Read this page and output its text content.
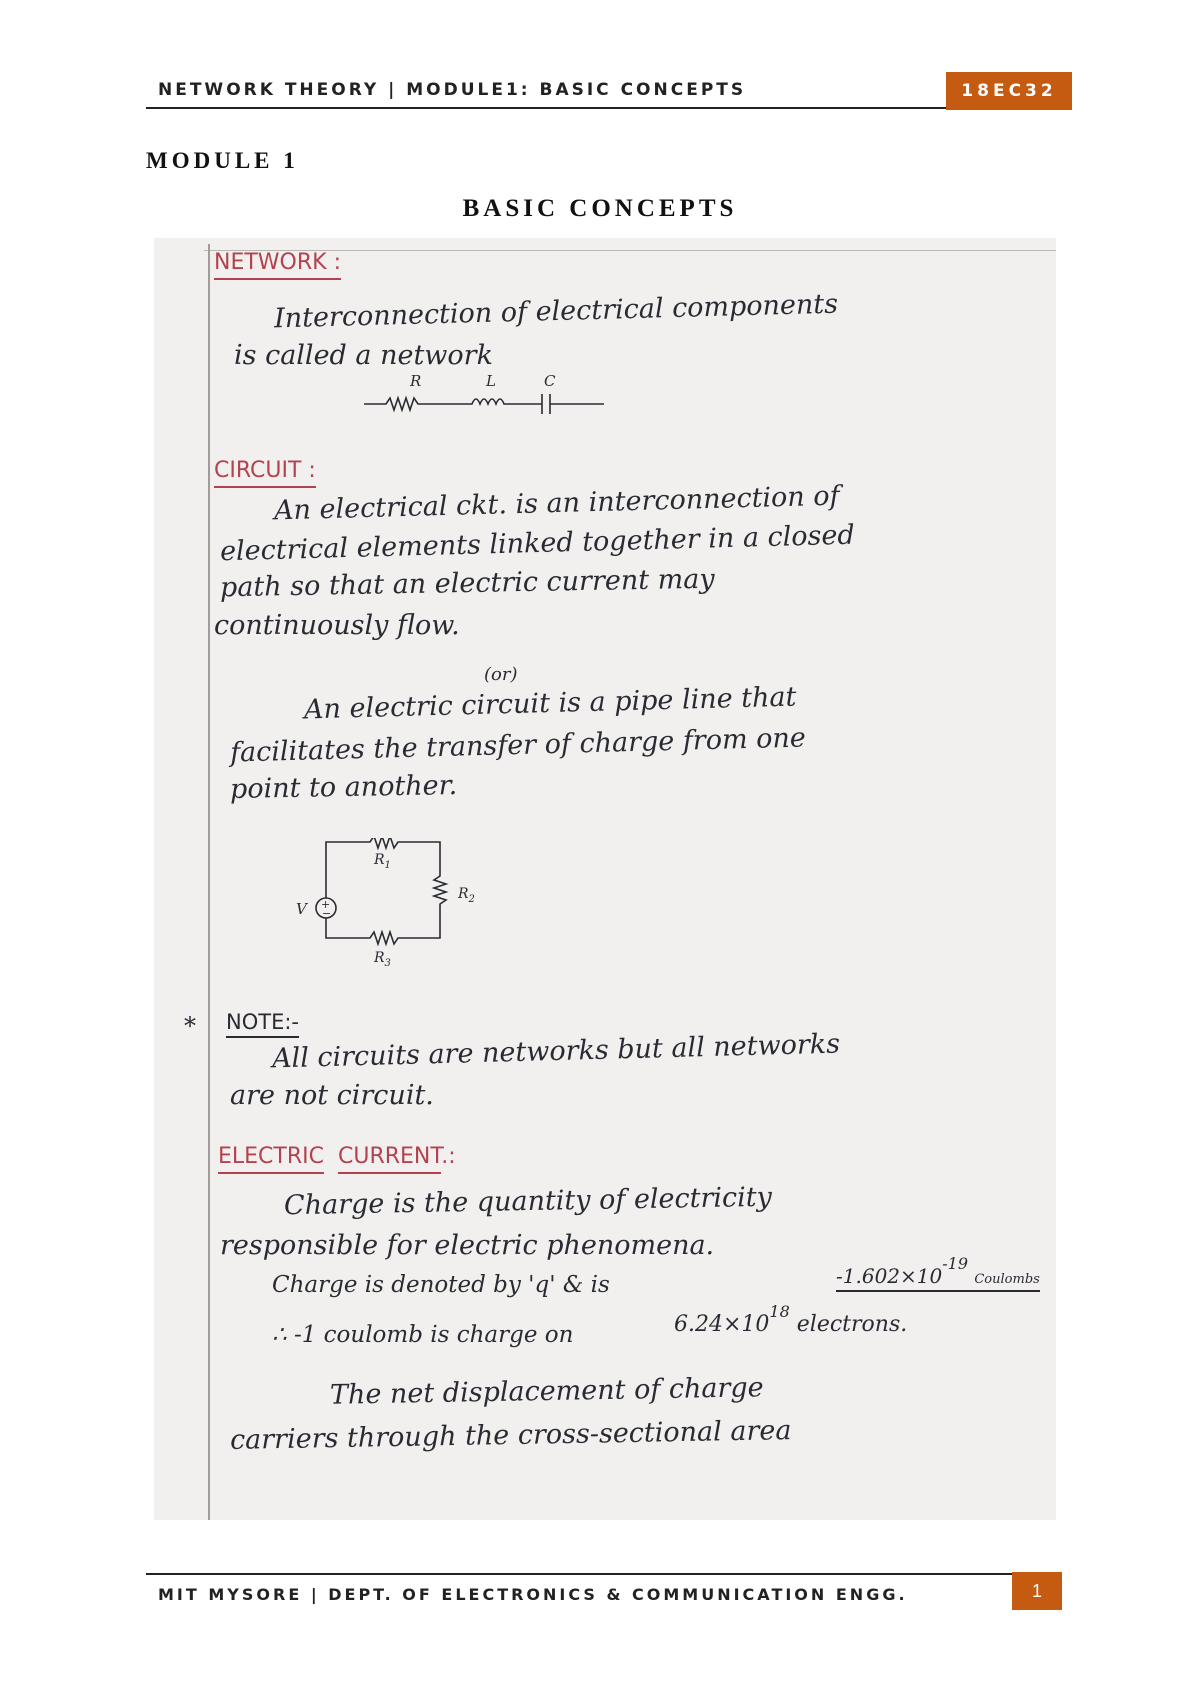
NETWORK THEORY | MODULE1: BASIC CONCEPTS	18EC32
MODULE 1
BASIC CONCEPTS
NETWORK :
Interconnection of electrical components
is called a network
R	L	C
CIRCUIT :
An electrical ckt. is an interconnection of
electrical elements linked together in a closed
path so that an electric current may
continuously flow.
(or)
An electric circuit is a pipe line that
facilitates the transfer of charge from one
point to another.
+
−
V
$R_1$
$R_2$
$R_3$
* NOTE:-
All circuits are networks but all networks
are not circuit.
ELECTRIC CURRENT.:
Charge is the quantity of electricity
responsible for electric phenomena.
Charge is denoted by 'q' & is	$-1.602\times 10^{-19}$ Coulombs
∴ -1 coulomb is charge on	$6.24\times 10^{18}$ electrons.
The net displacement of charge
carriers through the cross-sectional area
MIT MYSORE | DEPT. OF ELECTRONICS & COMMUNICATION ENGG.	1
